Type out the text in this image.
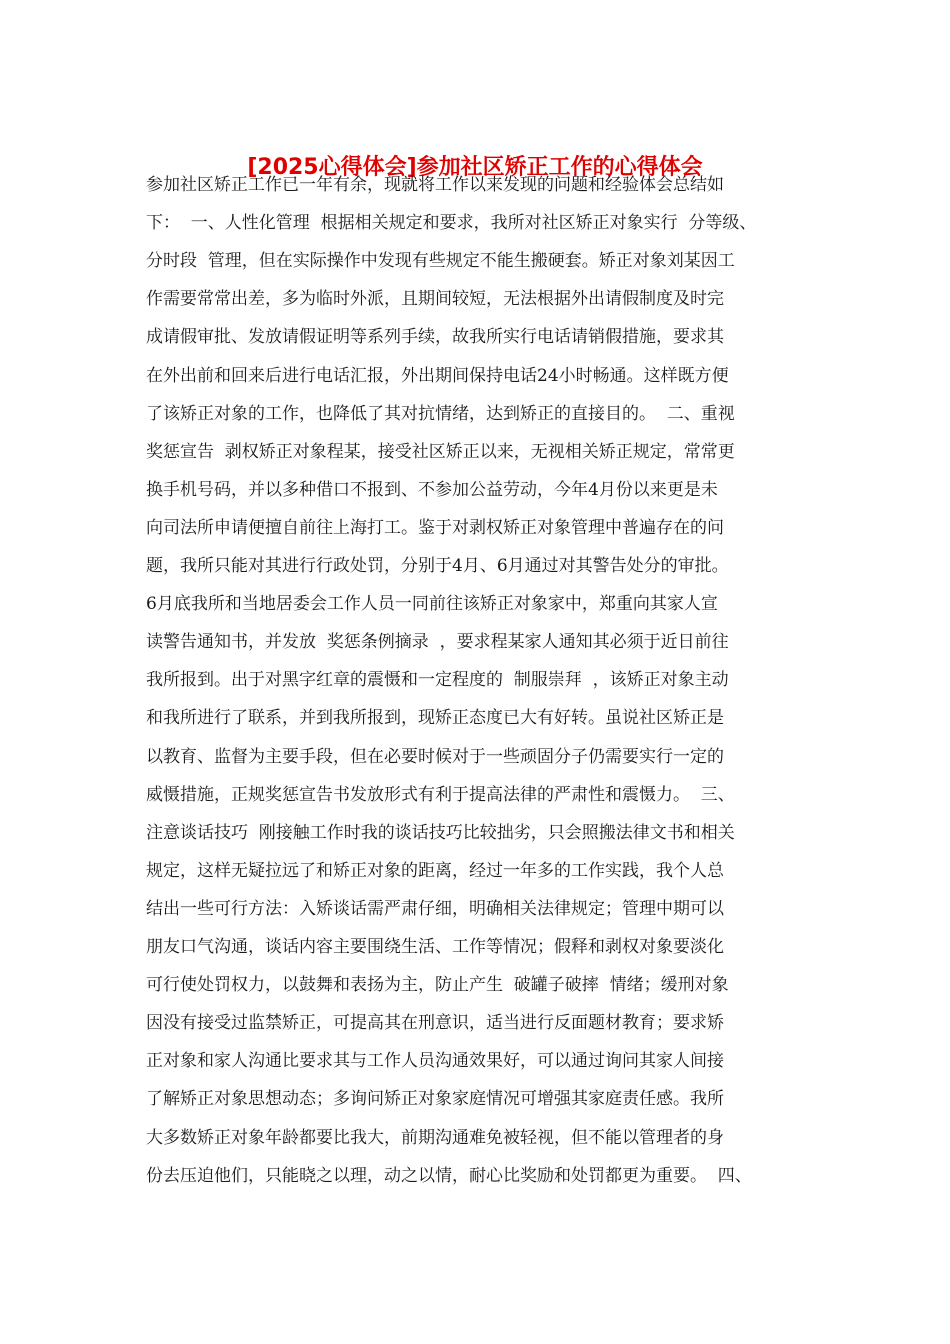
[2025心得体会]参加社区矫正工作的心得体会
参加社区矫正工作已一年有余，现就将工作以来发现的问题和经验体会总结如
下：  一、人性化管理  根据相关规定和要求，我所对社区矫正对象实行  分等级、
分时段  管理，但在实际操作中发现有些规定不能生搬硬套。矫正对象刘某因工
作需要常常出差，多为临时外派，且期间较短，无法根据外出请假制度及时完
成请假审批、发放请假证明等系列手续，故我所实行电话请销假措施，要求其
在外出前和回来后进行电话汇报，外出期间保持电话24小时畅通。这样既方便
了该矫正对象的工作，也降低了其对抗情绪，达到矫正的直接目的。  二、重视
奖惩宣告  剥权矫正对象程某，接受社区矫正以来，无视相关矫正规定，常常更
换手机号码，并以多种借口不报到、不参加公益劳动，今年4月份以来更是未
向司法所申请便擅自前往上海打工。鉴于对剥权矫正对象管理中普遍存在的问
题，我所只能对其进行行政处罚，分别于4月、6月通过对其警告处分的审批。
6月底我所和当地居委会工作人员一同前往该矫正对象家中，郑重向其家人宣
读警告通知书，并发放  奖惩条例摘录  ，要求程某家人通知其必须于近日前往
我所报到。出于对黑字红章的震慑和一定程度的  制服崇拜  ，该矫正对象主动
和我所进行了联系，并到我所报到，现矫正态度已大有好转。虽说社区矫正是
以教育、监督为主要手段，但在必要时候对于一些顽固分子仍需要实行一定的
威慑措施，正规奖惩宣告书发放形式有利于提高法律的严肃性和震慑力。  三、
注意谈话技巧  刚接触工作时我的谈话技巧比较拙劣，只会照搬法律文书和相关
规定，这样无疑拉远了和矫正对象的距离，经过一年多的工作实践，我个人总
结出一些可行方法：入矫谈话需严肃仔细，明确相关法律规定；管理中期可以
朋友口气沟通，谈话内容主要围绕生活、工作等情况；假释和剥权对象要淡化
可行使处罚权力，以鼓舞和表扬为主，防止产生  破罐子破摔  情绪；缓刑对象
因没有接受过监禁矫正，可提高其在刑意识，适当进行反面题材教育；要求矫
正对象和家人沟通比要求其与工作人员沟通效果好，可以通过询问其家人间接
了解矫正对象思想动态；多询问矫正对象家庭情况可增强其家庭责任感。我所
大多数矫正对象年龄都要比我大，前期沟通难免被轻视，但不能以管理者的身
份去压迫他们，只能晓之以理，动之以情，耐心比奖励和处罚都更为重要。  四、
